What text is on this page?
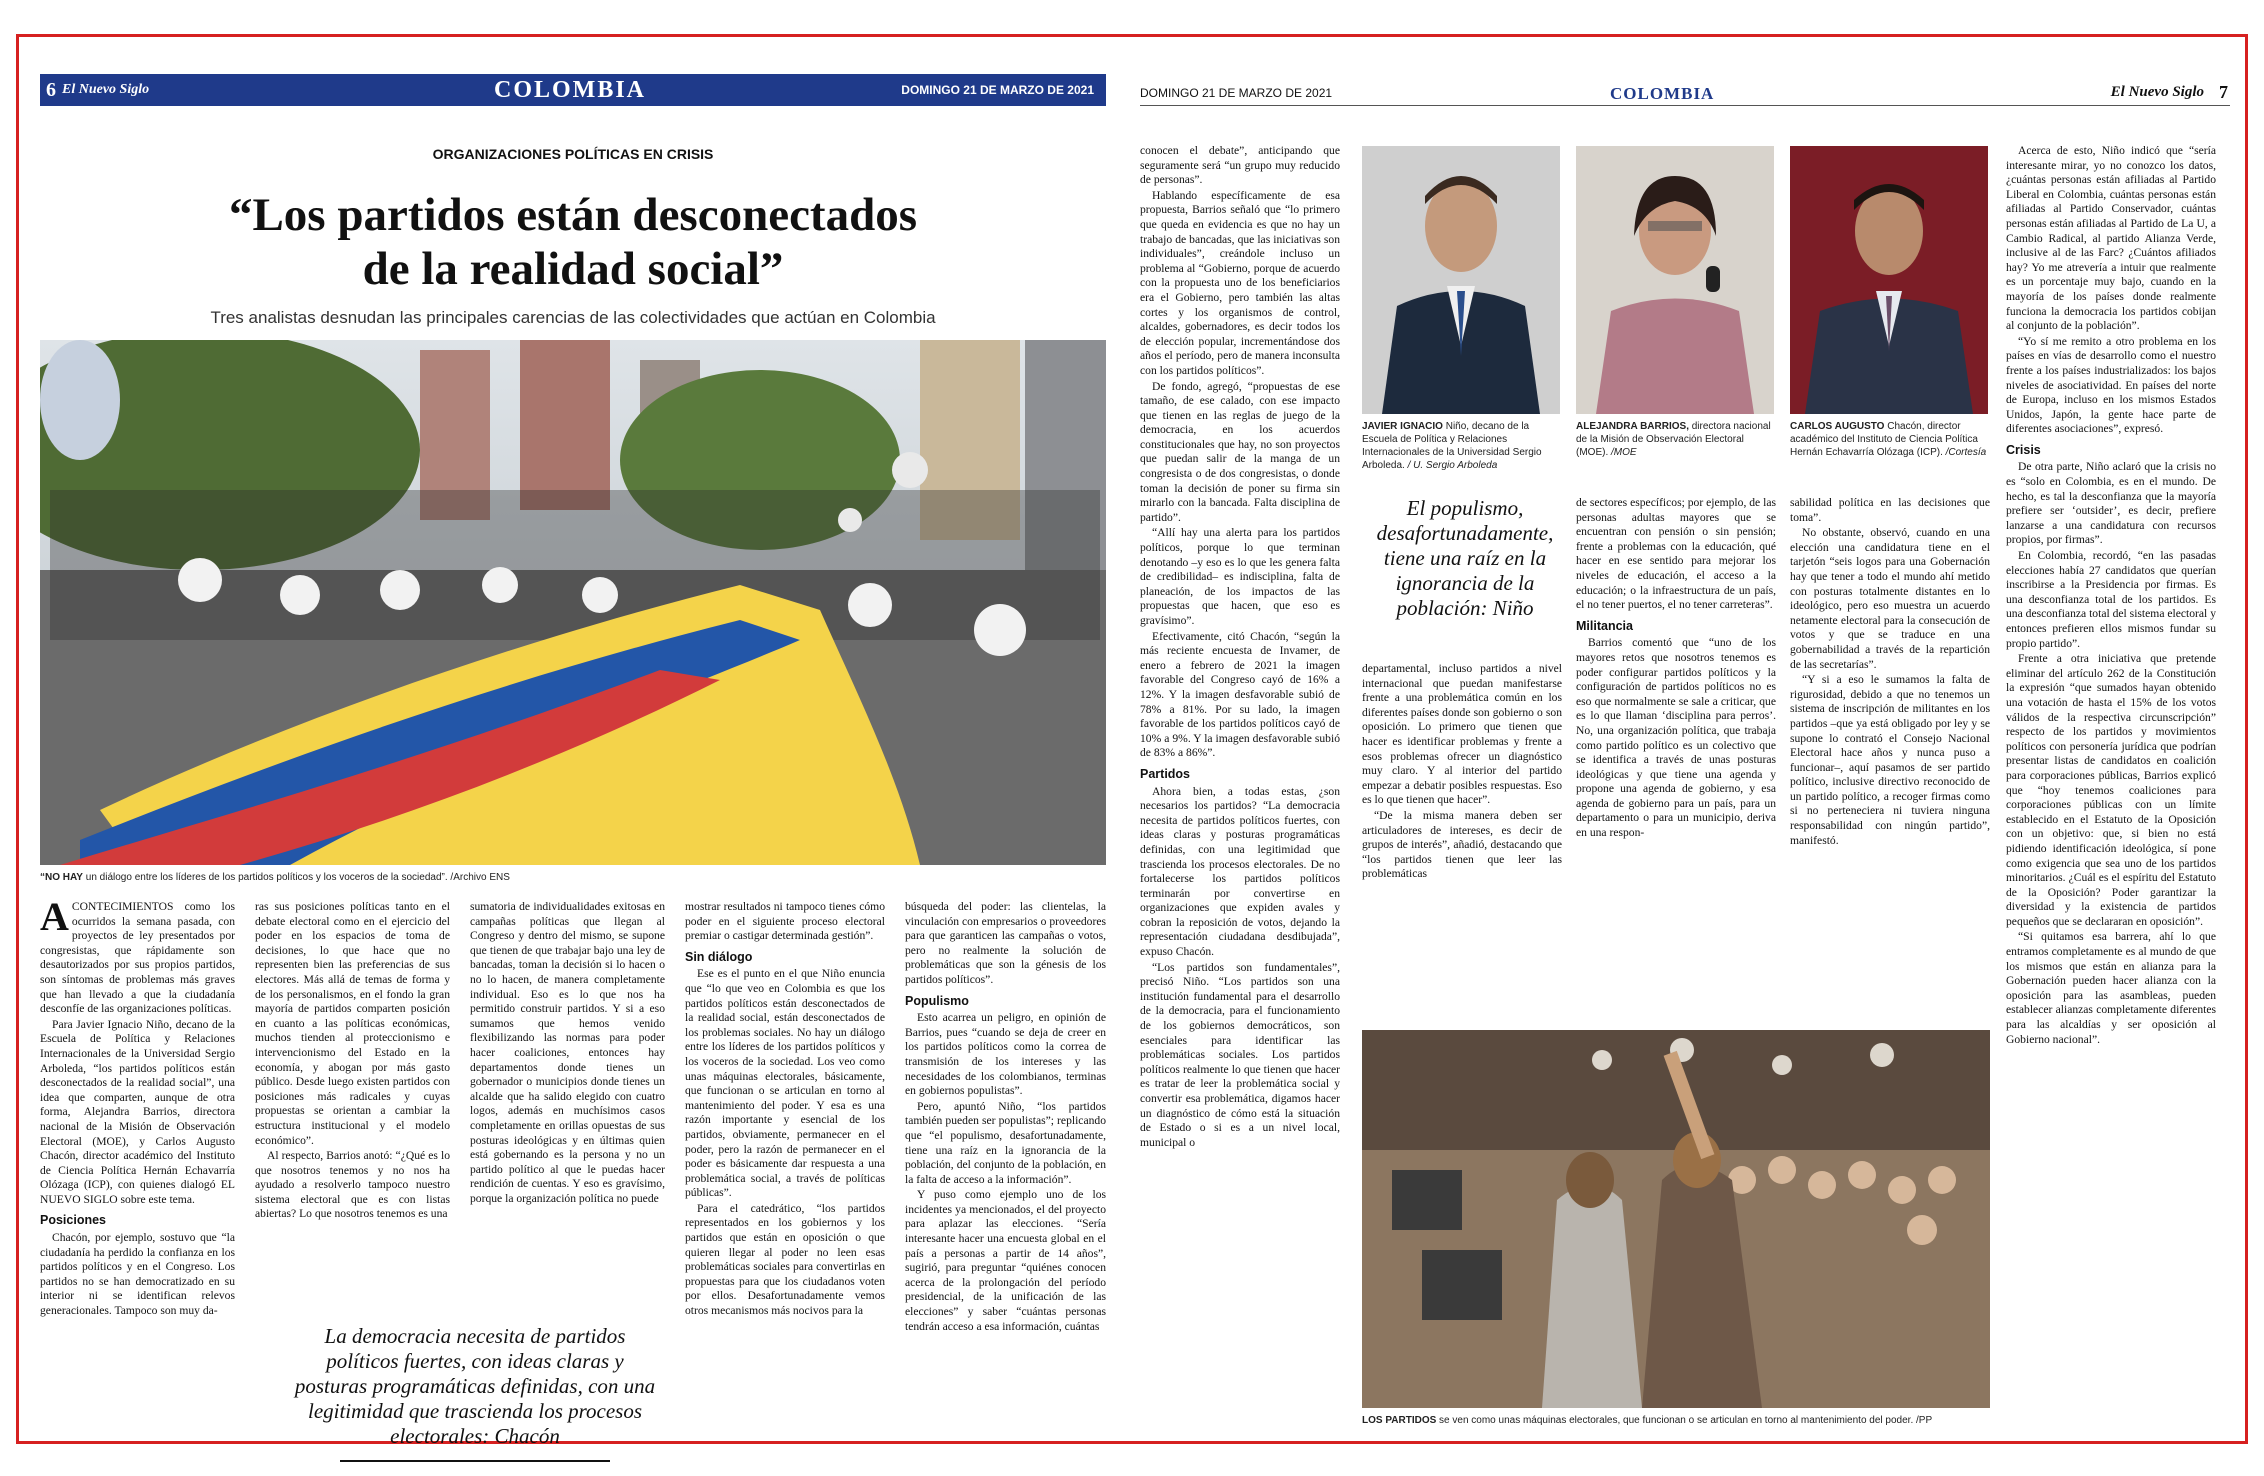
6 El Nuevo Siglo	COLOMBIA	DOMINGO 21 DE MARZO DE 2021
ORGANIZACIONES POLÍTICAS EN CRISIS
“Los partidos están desconectados de la realidad social”
Tres analistas desnudan las principales carencias de las colectividades que actúan en Colombia
“NO HAY un diálogo entre los líderes de los partidos políticos y los voceros de la sociedad”. /Archivo ENS

ACONTECIMIENTOS como los ocurridos la semana pasada, con proyectos de ley presentados por congresistas, que rápidamente son desautorizados por sus propios partidos, son síntomas de problemas más graves que han llevado a que la ciudadanía desconfíe de las organizaciones políticas.

Para Javier Ignacio Niño, decano de la Escuela de Política y Relaciones Internacionales de la Universidad Sergio Arboleda, “los partidos políticos están desconectados de la realidad social”, una idea que comparten, aunque de otra forma, Alejandra Barrios, directora nacional de la Misión de Observación Electoral (MOE), y Carlos Augusto Chacón, director académico del Instituto de Ciencia Política Hernán Echavarría Olózaga (ICP), con quienes dialogó EL NUEVO SIGLO sobre este tema.

Posiciones

Chacón, por ejemplo, sostuvo que “la ciudadanía ha perdido la confianza en los partidos políticos y en el Congreso. Los partidos no se han democratizado en su interior ni se identifican relevos generacionales. Tampoco son muy da-

ras sus posiciones políticas tanto en el debate electoral como en el ejercicio del poder en los espacios de toma de decisiones, lo que hace que no representen bien las preferencias de sus electores. Más allá de temas de forma y de los personalismos, en el fondo la gran mayoría de partidos comparten posición en cuanto a las políticas económicas, muchos tienden al proteccionismo e intervencionismo del Estado en la economía, y abogan por más gasto público. Desde luego existen partidos con posiciones más radicales y cuyas propuestas se orientan a cambiar la estructura institucional y el modelo económico”.

Al respecto, Barrios anotó: “¿Qué es lo que nosotros tenemos y no nos ha ayudado a resolverlo tampoco nuestro sistema electoral que es con listas abiertas? Lo que nosotros tenemos es una

sumatoria de individualidades exitosas en campañas políticas que llegan al Congreso y dentro del mismo, se supone que tienen de que trabajar bajo una ley de bancadas, toman la decisión si lo hacen o no lo hacen, de manera completamente individual. Eso es lo que nos ha permitido construir partidos. Y si a eso sumamos que hemos venido flexibilizando las normas para poder hacer coaliciones, entonces hay departamentos donde tienes un gobernador o municipios donde tienes un alcalde que ha salido elegido con cuatro logos, además en muchísimos casos completamente en orillas opuestas de sus posturas ideológicas y en últimas quien está gobernando es la persona y no un partido político al que le puedas hacer rendición de cuentas. Y eso es gravísimo, porque la organización política no puede

mostrar resultados ni tampoco tienes cómo poder en el siguiente proceso electoral premiar o castigar determinada gestión”.

Sin diálogo

Ese es el punto en el que Niño enuncia que “lo que veo en Colombia es que los partidos políticos están desconectados de la realidad social, están desconectados de los problemas sociales. No hay un diálogo entre los líderes de los partidos políticos y los voceros de la sociedad. Los veo como unas máquinas electorales, básicamente, que funcionan o se articulan en torno al mantenimiento del poder. Y esa es una razón importante y esencial de los partidos, obviamente, permanecer en el poder, pero la razón de permanecer en el poder es básicamente dar respuesta a una problemática social, a través de políticas públicas”.

Para el catedrático, “los partidos representados en los gobiernos y los partidos que están en oposición o que quieren llegar al poder no leen esas problemáticas sociales para convertirlas en propuestas para que los ciudadanos voten por ellos. Desafortunadamente vemos otros mecanismos más nocivos para la

búsqueda del poder: las clientelas, la vinculación con empresarios o proveedores para que garanticen las campañas o votos, pero no realmente la solución de problemáticas que son la génesis de los partidos políticos”.

Populismo

Esto acarrea un peligro, en opinión de Barrios, pues “cuando se deja de creer en los partidos políticos como la correa de transmisión de los intereses y las necesidades de los colombianos, terminas en gobiernos populistas”.

Pero, apuntó Niño, “los partidos también pueden ser populistas”; replicando que “el populismo, desafortunadamente, tiene una raíz en la ignorancia de la población, del conjunto de la población, en la falta de acceso a la información”.

Y puso como ejemplo uno de los incidentes ya mencionados, el del proyecto para aplazar las elecciones. “Sería interesante hacer una encuesta global en el país a personas a partir de 14 años”, sugirió, para preguntar “quiénes conocen acerca de la prolongación del período presidencial, de la unificación de las elecciones” y saber “cuántas personas tendrán acceso a esa información, cuántas

La democracia necesita de partidos políticos fuertes, con ideas claras y posturas programáticas definidas, con una legitimidad que trascienda los procesos electorales: Chacón
DOMINGO 21 DE MARZO DE 2021	COLOMBIA	El Nuevo Siglo 7

conocen el debate”, anticipando que seguramente será “un grupo muy reducido de personas”.

Hablando específicamente de esa propuesta, Barrios señaló que “lo primero que queda en evidencia es que no hay un trabajo de bancadas, que las iniciativas son individuales”, creándole incluso un problema al “Gobierno, porque de acuerdo con la propuesta uno de los beneficiarios era el Gobierno, pero también las altas cortes y los organismos de control, alcaldes, gobernadores, es decir todos los de elección popular, incrementándose dos años el período, pero de manera inconsulta con los partidos políticos”.

De fondo, agregó, “propuestas de ese tamaño, de ese calado, con ese impacto que tienen en las reglas de juego de la democracia, en los acuerdos constitucionales que hay, no son proyectos que puedan salir de la manga de un congresista o de dos congresistas, o donde toman la decisión de poner su firma sin mirarlo con la bancada. Falta disciplina de partido”.

“Allí hay una alerta para los partidos políticos, porque lo que terminan denotando –y eso es lo que les genera falta de credibilidad– es indisciplina, falta de planeación, de los impactos de las propuestas que hacen, que eso es gravísimo”.

Efectivamente, citó Chacón, “según la más reciente encuesta de Invamer, de enero a febrero de 2021 la imagen favorable del Congreso cayó de 16% a 12%. Y la imagen desfavorable subió de 78% a 81%. Por su lado, la imagen favorable de los partidos políticos cayó de 10% a 9%. Y la imagen desfavorable subió de 83% a 86%”.

Partidos

Ahora bien, a todas estas, ¿son necesarios los partidos? “La democracia necesita de partidos políticos fuertes, con ideas claras y posturas programáticas definidas, con una legitimidad que trascienda los procesos electorales. De no fortalecerse los partidos políticos terminarán por convertirse en organizaciones que expiden avales y cobran la reposición de votos, dejando la representación ciudadana desdibujada”, expuso Chacón.

“Los partidos son fundamentales”, precisó Niño. “Los partidos son una institución fundamental para el desarrollo de la democracia, para el funcionamiento de los gobiernos democráticos, son esenciales para identificar las problemáticas sociales. Los partidos políticos realmente lo que tienen que hacer es tratar de leer la problemática social y convertir esa problemática, digamos hacer un diagnóstico de cómo está la situación de Estado o si es a un nivel local, municipal o

JAVIER IGNACIO Niño, decano de la Escuela de Política y Relaciones Internacionales de la Universidad Sergio Arboleda. / U. Sergio Arboleda
ALEJANDRA BARRIOS, directora nacional de la Misión de Observación Electoral (MOE). /MOE
CARLOS AUGUSTO Chacón, director académico del Instituto de Ciencia Política Hernán Echavarría Olózaga (ICP). /Cortesía
El populismo, desafortunadamente, tiene una raíz en la ignorancia de la población: Niño

departamental, incluso partidos a nivel internacional que puedan manifestarse frente a una problemática común en los diferentes países donde son gobierno o son oposición. Lo primero que tienen que hacer es identificar problemas y frente a esos problemas ofrecer un diagnóstico muy claro. Y al interior del partido empezar a debatir posibles respuestas. Eso es lo que tienen que hacer”.

“De la misma manera deben ser articuladores de intereses, es decir de grupos de interés”, añadió, destacando que “los partidos tienen que leer las problemáticas

de sectores específicos; por ejemplo, de las personas adultas mayores que se encuentran con pensión o sin pensión; frente a problemas con la educación, qué hacer en ese sentido para mejorar los niveles de educación, el acceso a la educación; o la infraestructura de un país, el no tener puertos, el no tener carreteras”.

Militancia

Barrios comentó que “uno de los mayores retos que nosotros tenemos es poder configurar partidos políticos y la configuración de partidos políticos no es eso que normalmente se sale a criticar, que es lo que llaman ‘disciplina para perros’. No, una organización política, que trabaja como partido político es un colectivo que se identifica a través de unas posturas ideológicas y que tiene una agenda y propone una agenda de gobierno, y esa agenda de gobierno para un país, para un departamento o para un municipio, deriva en una respon-

sabilidad política en las decisiones que toma”.

No obstante, observó, cuando en una elección una candidatura tiene en el tarjetón “seis logos para una Gobernación hay que tener a todo el mundo ahí metido con posturas totalmente distantes en lo ideológico, pero eso muestra un acuerdo netamente electoral para la consecución de votos y que se traduce en una gobernabilidad a través de la repartición de las secretarías”.

“Y si a eso le sumamos la falta de rigurosidad, debido a que no tenemos un sistema de inscripción de militantes en los partidos –que ya está obligado por ley y se supone lo contrató el Consejo Nacional Electoral hace años y nunca puso a funcionar–, aquí pasamos de ser partido político, inclusive directivo reconocido de un partido político, a recoger firmas como si no perteneciera ni tuviera ninguna responsabilidad con ningún partido”, manifestó.

Acerca de esto, Niño indicó que “sería interesante mirar, yo no conozco los datos, ¿cuántas personas están afiliadas al Partido Liberal en Colombia, cuántas personas están afiliadas al Partido Conservador, cuántas personas están afiliadas al Partido de La U, a Cambio Radical, al partido Alianza Verde, inclusive al de las Farc? ¿Cuántos afiliados hay? Yo me atrevería a intuir que realmente es un porcentaje muy bajo, cuando en la mayoría de los países donde realmente funciona la democracia los partidos cobijan al conjunto de la población”.

“Yo sí me remito a otro problema en los países en vías de desarrollo como el nuestro frente a los países industrializados: los bajos niveles de asociatividad. En países del norte de Europa, incluso en los mismos Estados Unidos, Japón, la gente hace parte de diferentes asociaciones”, expresó.

Crisis

De otra parte, Niño aclaró que la crisis no es “solo en Colombia, es en el mundo. De hecho, es tal la desconfianza que la mayoría prefiere ser ‘outsider’, es decir, prefiere lanzarse a una candidatura con recursos propios, por firmas”.

En Colombia, recordó, “en las pasadas elecciones había 27 candidatos que querían inscribirse a la Presidencia por firmas. Es una desconfianza total de los partidos. Es una desconfianza total del sistema electoral y entonces prefieren ellos mismos fundar su propio partido”.

Frente a otra iniciativa que pretende eliminar del artículo 262 de la Constitución la expresión “que sumados hayan obtenido una votación de hasta el 15% de los votos válidos de la respectiva circunscripción” respecto de los partidos y movimientos políticos con personería jurídica que podrían presentar listas de candidatos en coalición para corporaciones públicas, Barrios explicó que “hoy tenemos coaliciones para corporaciones públicas con un límite establecido en el Estatuto de la Oposición con un objetivo: que, si bien no está pidiendo identificación ideológica, sí pone como exigencia que sea uno de los partidos minoritarios. ¿Cuál es el espíritu del Estatuto de la Oposición? Poder garantizar la diversidad y la existencia de partidos pequeños que se declararan en oposición”.

“Si quitamos esa barrera, ahí lo que entramos completamente es al mundo de que los mismos que están en alianza para la Gobernación pueden hacer alianza con la oposición para las asambleas, pueden establecer alianzas completamente diferentes para las alcaldías y ser oposición al Gobierno nacional”.

LOS PARTIDOS se ven como unas máquinas electorales, que funcionan o se articulan en torno al mantenimiento del poder. /PP
